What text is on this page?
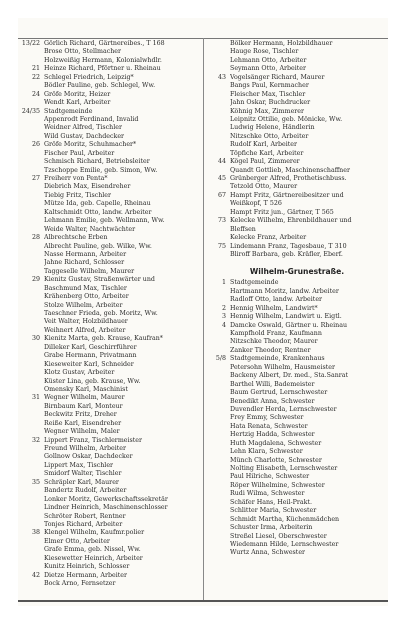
13/22 Görlich Richard, Gärtnereibes., T 168
Brose Otto, Stellmacher
Holzweißig Hermann, Kolonialwhdlr.
21 Heinze Richard, Pförtner u. Rheinau
22 Schlegel Friedrich, Leipzig*
Bödler Pauline, geb. Schlegel, Ww.
24 Gröfe Moritz, Heizer
Wendt Karl, Arbeiter
24/35 Stadtgemeinde
Appenrodt Ferdinand, Invalid
Weidner Alfred, Tischler
Wild Gustav, Dachdecker
26 Gröfe Moritz, Schuhmacher*
Fischer Paul, Arbeiter
Schmisch Richard, Betriebsleiter
Tzschoppe Emilie, geb. Simon, Ww.
27 Freiherr von Penta*
Diebrich Max, Eisendreher
Tiebig Fritz, Tischler
Mütze Ida, geb. Capelle, Rheinau
Kaltschmidt Otto, landw. Arbeiter
Lehmann Emilie, geb. Wellmann, Ww.
Weide Walter, Nachtwächter
28 Albrechtsche Erben
Albrecht Pauline, geb. Wilke, Ww.
Nasse Hermann, Arbeiter
Jahne Richard, Schlosser
Taggeselle Wilhelm, Maurer
29 Kienitz Gustav, Straßenwärter und
Baschmund Max, Tischler
Krähenberg Otto, Arbeiter
Stolze Wilhelm, Arbeiter
Taeschner Frieda, geb. Moritz, Ww.
Veit Walter, Holzbildhauer
Weihnert Alfred, Arbeiter
30 Kienitz Marta, geb. Krause, Kaufran*
Dilleker Karl, Geschirrführer
Grabe Hermann, Privatmann
Kieseweiter Karl, Schneider
Klotz Gustav, Arbeiter
Küster Lina, geb. Krause, Ww.
Omensky Karl, Maschinist
31 Wegner Wilhelm, Maurer
Birnbaum Karl, Monteur
Beckwitz Fritz, Dreher
Reiße Karl, Eisendreher
Wegner Wilhelm, Maler
32 Lippert Franz, Tischlermeister
Freund Wilhelm, Arbeiter
Gollnow Oskar, Dachdecker
Lippert Max, Tischler
Smidorf Walter, Tischler
35 Schräpler Karl, Maurer
Bandertz Rudolf, Arbeiter
Lonker Moritz, Gewerkschaftssekretär
Lindner Heinrich, Maschinenschlosser
Schröter Robert, Rentner
Tonjes Richard, Arbeiter
38 Klengel Wilhelm, Kaufmr.polier
Elmer Otto, Arbeiter
Grafe Emma, geb. Nissel, Ww.
Kiesewetter Heinrich, Arbeiter
Kunitz Heinrich, Schlosser
42 Dietze Hermann, Arbeiter
Bock Arno, Fernsetzer
Bölker Hermann, Holzbildhauer
Hauge Rose, Tischler
Lehmann Otto, Arbeiter
Seymann Otto, Arbeiter
43 Vogelsänger Richard, Maurer
Bangs Paul, Kernmacher
Fleischer Max, Tischler
Jahn Oskar, Buchdrucker
Köhnig Max, Zimmerer
Leipnitz Ottilie, geb. Mönicke, Ww.
Ludwig Helene, Händlerin
Nitzschke Otto, Arbeiter
Rudolf Karl, Arbeiter
Töpfiche Karl, Arbeiter
44 Kögel Paul, Zimmerer
Quandt Gottlieb, Maschinenschaffner
45 Grünberger Alfred, Prothetischbuss.
Tetzold Otto, Maurer
67 Hampt Fritz, Gärtnereibesitzer und
Weißkopf, T 526
Hampt Fritz jun., Gärtner, T 565
73 Kelecke Wilhelm, Ehrenbildhauer und
Bleffsen
Kelecke Franz, Arbeiter
75 Lindemann Franz, Tagesbaue, T 310
Bliroff Barbara, geb. Kräfler, Eberf.
Wilhelm-Grunestraße.
1 Stadtgemeinde
Hartmann Moritz, landw. Arbeiter
Radloff Otto, landw. Arbeiter
2 Hennig Wilhelm, Landwirt*
3 Hennig Wilhelm, Landwirt u. Eigtl.
4 Damcke Oswald, Gärtner u. Rheinau
Kampfhold Franz, Kaufmann
Nitzschke Theodor, Maurer
Zanker Theodor, Rentner
5/8 Stadtgemeinde, Krankenhaus
Petersohn Wilhelm, Hausmeister
Backeny Albert, Dr. med., Sta.Sanrat
Barthel Willi, Bademeister
Baum Gertrud, Lernschwester
Benedikt Anna, Schwester
Duvendler Herda, Lernschwester
Frey Emmy, Schwester
Hata Renata, Schwester
Hertzig Hadda, Schwester
Huth Magdalena, Schwester
Lehn Klara, Schwester
Münch Charlotte, Schwester
Nolting Elisabeth, Lernschwester
Paul Hilriche, Schwester
Röper Wilhelmine, Schwester
Rudi Wilma, Schwester
Schäfer Hans, Heil-Prakt.
Schlitter Maria, Schwester
Schmidt Martha, Küchenmädchen
Schuster Irma, Arbeiterin
Streßel Liesel, Oberschwester
Wiedemann Hilde, Lernschwester
Wurtz Anna, Schwester
